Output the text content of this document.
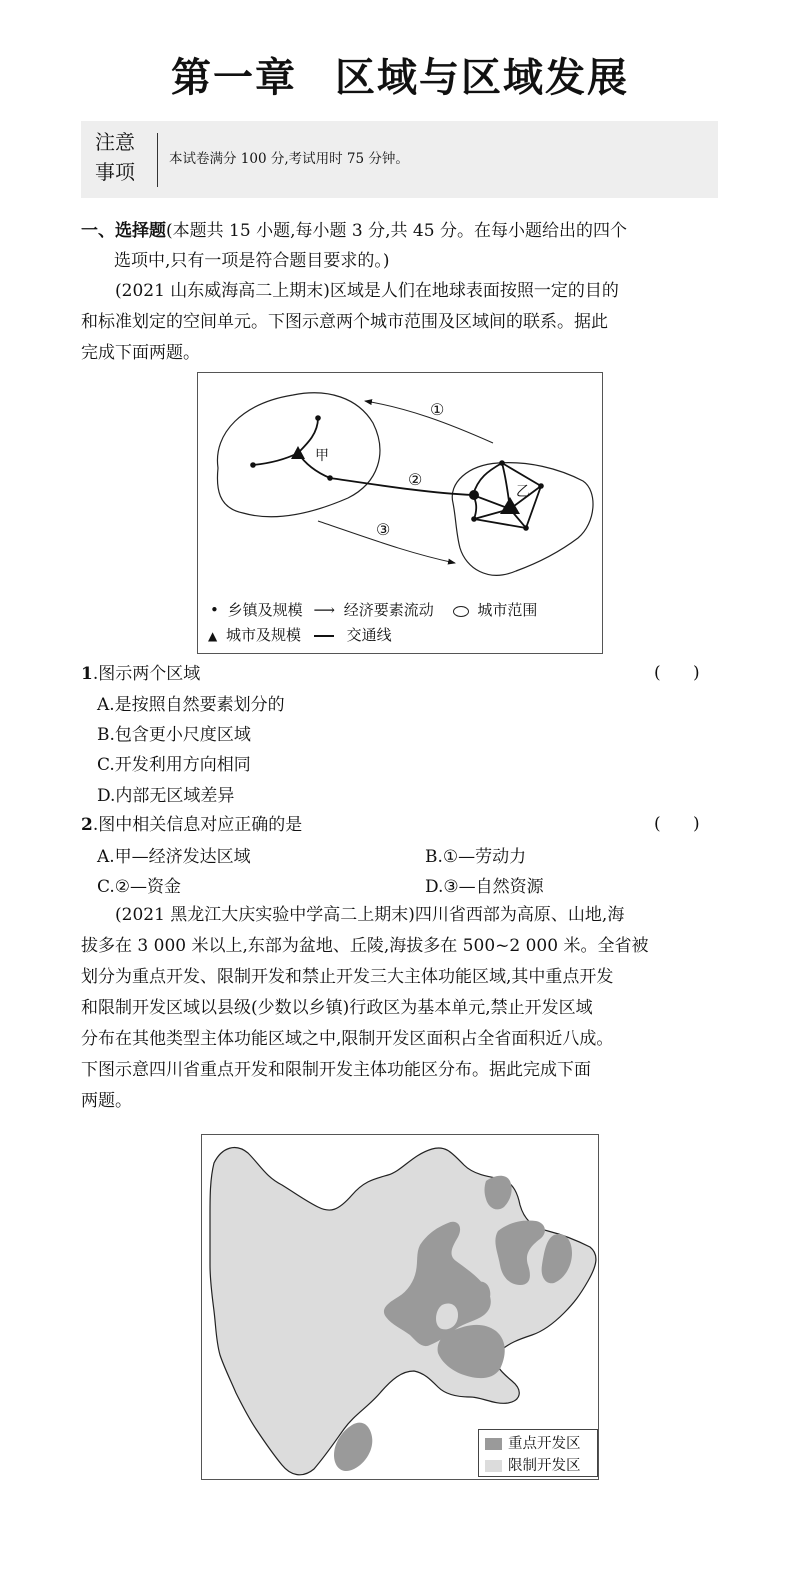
第一章 区域与区域发展
注意
事项
本试卷满分 100 分,考试用时 75 分钟。
一、选择题(本题共 15 小题,每小题 3 分,共 45 分。在每小题给出的四个
选项中,只有一项是符合题目要求的。)
(2021 山东威海高二上期末)区域是人们在地球表面按照一定的目的
和标准划定的空间单元。下图示意两个城市范围及区域间的联系。据此
完成下面两题。
甲
乙
①
②
③
• 乡镇及规模 ⟶ 经济要素流动	城市范围
▲ 城市及规模	交通线
1.图示两个区域	(      )
A.是按照自然要素划分的
B.包含更小尺度区域
C.开发利用方向相同
D.内部无区域差异
2.图中相关信息对应正确的是	(      )
A.甲—经济发达区域	B.①—劳动力
C.②—资金	D.③—自然资源
(2021 黑龙江大庆实验中学高二上期末)四川省西部为高原、山地,海
拔多在 3 000 米以上,东部为盆地、丘陵,海拔多在 500~2 000 米。全省被
划分为重点开发、限制开发和禁止开发三大主体功能区域,其中重点开发
和限制开发区域以县级(少数以乡镇)行政区为基本单元,禁止开发区域
分布在其他类型主体功能区域之中,限制开发区面积占全省面积近八成。
下图示意四川省重点开发和限制开发主体功能区分布。据此完成下面
两题。
重点开发区
限制开发区
